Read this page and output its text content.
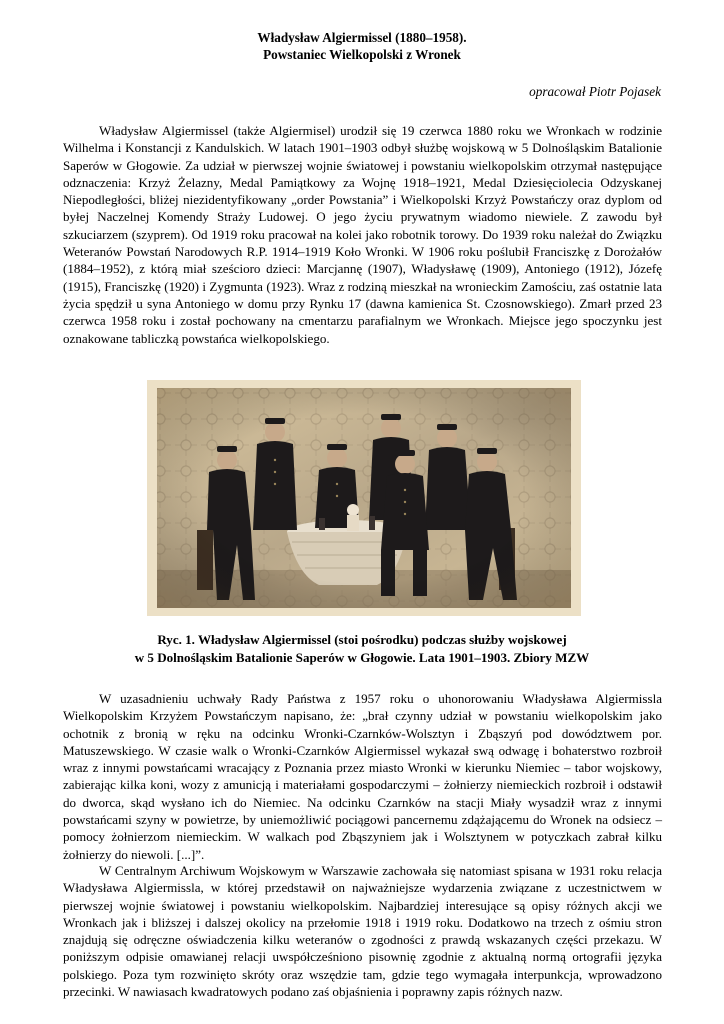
Władysław Algiermissel (1880–1958).
Powstaniec Wielkopolski z Wronek
opracował Piotr Pojasek

Władysław Algiermissel (także Algiermisel) urodził się 19 czerwca 1880 roku we Wronkach w rodzinie Wilhelma i Konstancji z Kandulskich. W latach 1901–1903 odbył służbę wojskową w 5 Dolnośląskim Batalionie Saperów w Głogowie. Za udział w pierwszej wojnie światowej i powstaniu wielkopolskim otrzymał następujące odznaczenia: Krzyż Żelazny, Medal Pamiątkowy za Wojnę 1918–1921, Medal Dziesięciolecia Odzyskanej Niepodległości, bliżej niezidentyfikowany „order Powstania” i Wielkopolski Krzyż Powstańczy oraz dyplom od byłej Naczelnej Komendy Straży Ludowej. O jego życiu prywatnym wiadomo niewiele. Z zawodu był szkuciarzem (szyprem). Od 1919 roku pracował na kolei jako robotnik torowy. Do 1939 roku należał do Związku Weteranów Powstań Narodowych R.P. 1914–1919 Koło Wronki. W 1906 roku poślubił Franciszkę z Dorożałów (1884–1952), z którą miał sześcioro dzieci: Marcjannę (1907), Władysławę (1909), Antoniego (1912), Józefę (1915), Franciszkę (1920) i Zygmunta (1923). Wraz z rodziną mieszkał na wronieckim Zamościu, zaś ostatnie lata życia spędził u syna Antoniego w domu przy Rynku 17 (dawna kamienica St. Czosnowskiego). Zmarł przed 23 czerwca 1958 roku i został pochowany na cmentarzu parafialnym we Wronkach. Miejsce jego spoczynku jest oznakowane tabliczką powstańca wielkopolskiego.

Ryc. 1. Władysław Algiermissel (stoi pośrodku) podczas służby wojskowej
w 5 Dolnośląskim Batalionie Saperów w Głogowie. Lata 1901–1903. Zbiory MZW

W uzasadnieniu uchwały Rady Państwa z 1957 roku o uhonorowaniu Władysława Algiermissla Wielkopolskim Krzyżem Powstańczym napisano, że: „brał czynny udział w powstaniu wielkopolskim jako ochotnik z bronią w ręku na odcinku Wronki-Czarnków-Wolsztyn i Zbąszyń pod dowództwem por. Matuszewskiego. W czasie walk o Wronki-Czarnków Algiermissel wykazał swą odwagę i bohaterstwo rozbroił wraz z innymi powstańcami wracający z Poznania przez miasto Wronki w kierunku Niemiec – tabor wojskowy, zabierając kilka koni, wozy z amunicją i materiałami gospodarczymi – żołnierzy niemieckich rozbroił i odstawił do dworca, skąd wysłano ich do Niemiec. Na odcinku Czarnków na stacji Miały wysadził wraz z innymi powstańcami szyny w powietrze, by uniemożliwić pociągowi pancernemu zdążającemu do Wronek na odsiecz – pomocy żołnierzom niemieckim. W walkach pod Zbąszyniem jak i Wolsztynem w potyczkach zabrał kilku żołnierzy do niewoli. [...]”.

W Centralnym Archiwum Wojskowym w Warszawie zachowała się natomiast spisana w 1931 roku relacja Władysława Algiermissla, w której przedstawił on najważniejsze wydarzenia związane z uczestnictwem w pierwszej wojnie światowej i powstaniu wielkopolskim. Najbardziej interesujące są opisy różnych akcji we Wronkach jak i bliższej i dalszej okolicy na przełomie 1918 i 1919 roku. Dodatkowo na trzech z ośmiu stron znajdują się odręczne oświadczenia kilku weteranów o zgodności z prawdą wskazanych części przekazu. W poniższym odpisie omawianej relacji uwspółcześniono pisownię zgodnie z aktualną normą ortografii języka polskiego. Poza tym rozwinięto skróty oraz wszędzie tam, gdzie tego wymagała interpunkcja, wprowadzono przecinki. W nawiasach kwadratowych podano zaś objaśnienia i poprawny zapis różnych nazw.
